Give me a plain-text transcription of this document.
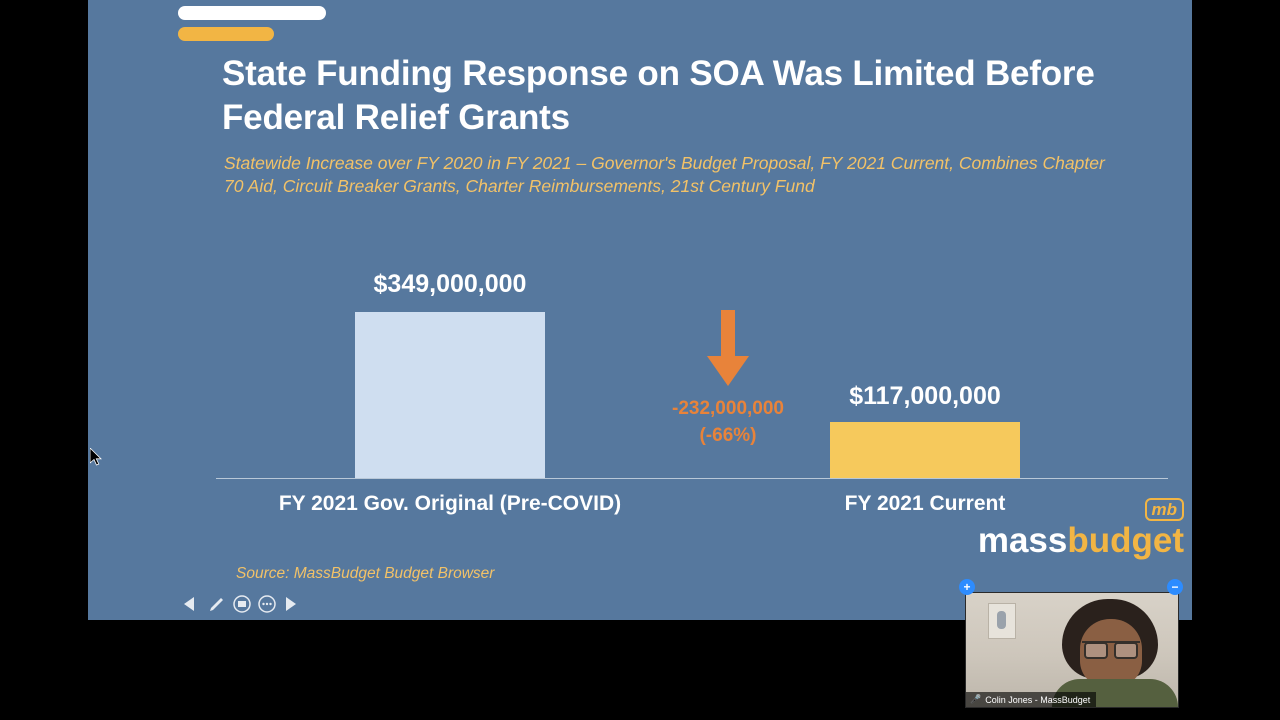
State Funding Response on SOA Was Limited Before Federal Relief Grants
Statewide Increase over FY 2020 in FY 2021 – Governor's Budget Proposal, FY 2021 Current, Combines Chapter 70 Aid, Circuit Breaker Grants, Charter Reimbursements, 21st Century Fund
$349,000,000
FY 2021 Gov. Original (Pre-COVID)
-232,000,000
(-66%)
$117,000,000
FY 2021 Current
Source: MassBudget Budget Browser
mb
massbudget
🎤 Colin Jones - MassBudget
+	−
